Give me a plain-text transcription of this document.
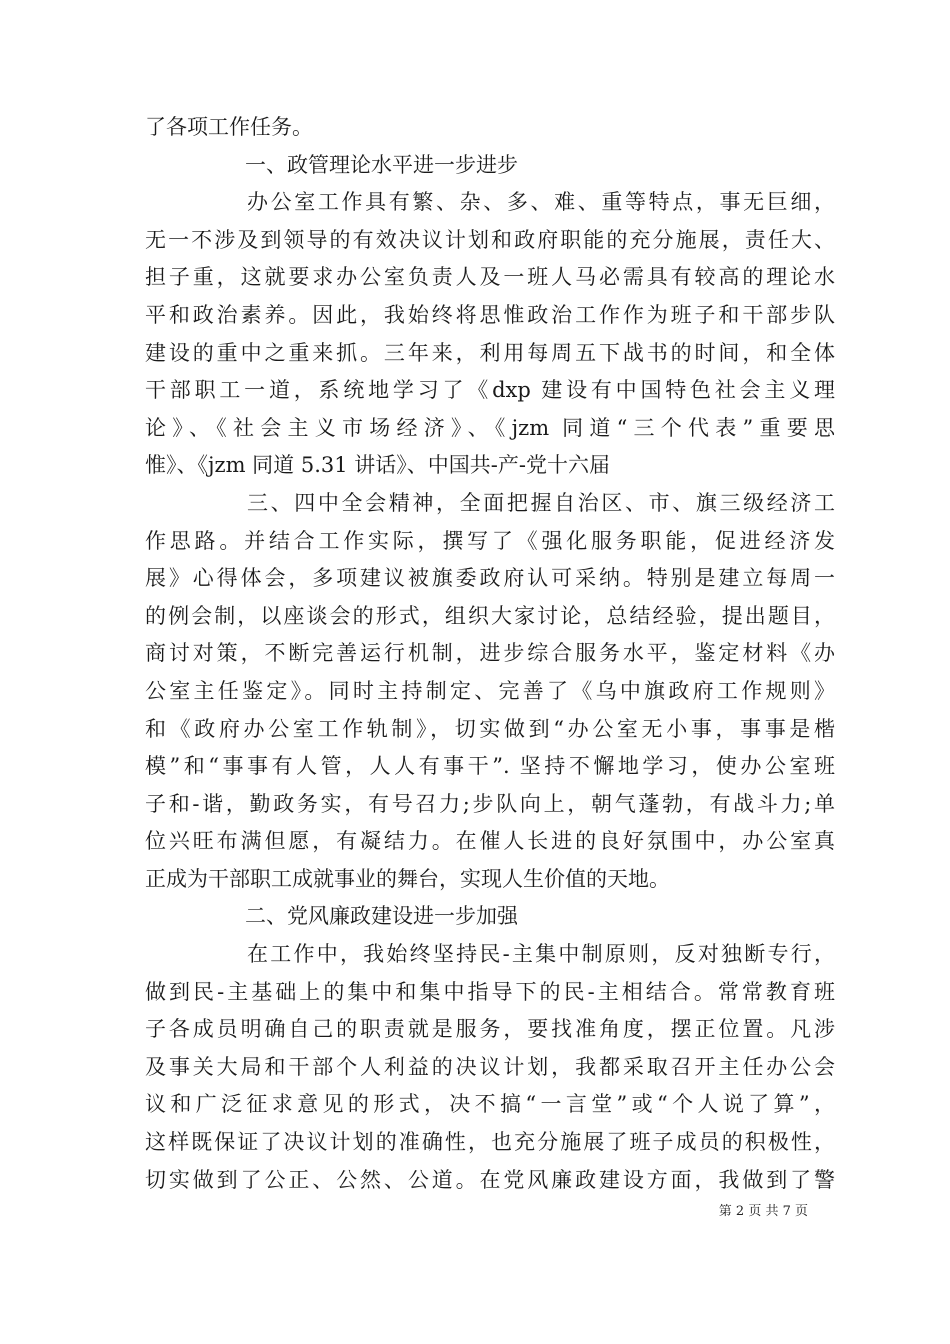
了各项工作任务。
一、政管理论水平进一步进步
办公室工作具有繁、杂、多、难、重等特点，事无巨细，
无一不涉及到领导的有效决议计划和政府职能的充分施展，责任大、
担子重，这就要求办公室负责人及一班人马必需具有较高的理论水
平和政治素养。因此，我始终将思惟政治工作作为班子和干部步队
建设的重中之重来抓。三年来，利用每周五下战书的时间，和全体
干部职工一道，系统地学习了《dxp 建设有中国特色社会主义理
论》、《社会主义市场经济》、《jzm 同道“三个代表”重要思
惟》、《jzm 同道 5.31 讲话》、中国共-产-党十六届
三、四中全会精神，全面把握自治区、市、旗三级经济工
作思路。并结合工作实际，撰写了《强化服务职能，促进经济发
展》心得体会，多项建议被旗委政府认可采纳。特别是建立每周一
的例会制，以座谈会的形式，组织大家讨论，总结经验，提出题目，
商讨对策，不断完善运行机制，进步综合服务水平，鉴定材料《办
公室主任鉴定》。同时主持制定、完善了《乌中旗政府工作规则》
和《政府办公室工作轨制》，切实做到“办公室无小事，事事是楷
模”和“事事有人管，人人有事干”. 坚持不懈地学习，使办公室班
子和-谐，勤政务实，有号召力;步队向上，朝气蓬勃，有战斗力;单
位兴旺布满但愿，有凝结力。在催人长进的良好氛围中，办公室真
正成为干部职工成就事业的舞台，实现人生价值的天地。
二、党风廉政建设进一步加强
在工作中，我始终坚持民-主集中制原则，反对独断专行，
做到民-主基础上的集中和集中指导下的民-主相结合。常常教育班
子各成员明确自己的职责就是服务，要找准角度，摆正位置。凡涉
及事关大局和干部个人利益的决议计划，我都采取召开主任办公会
议和广泛征求意见的形式，决不搞“一言堂”或“个人说了算”，
这样既保证了决议计划的准确性，也充分施展了班子成员的积极性，
切实做到了公正、公然、公道。在党风廉政建设方面，我做到了警
第 2 页 共 7 页
